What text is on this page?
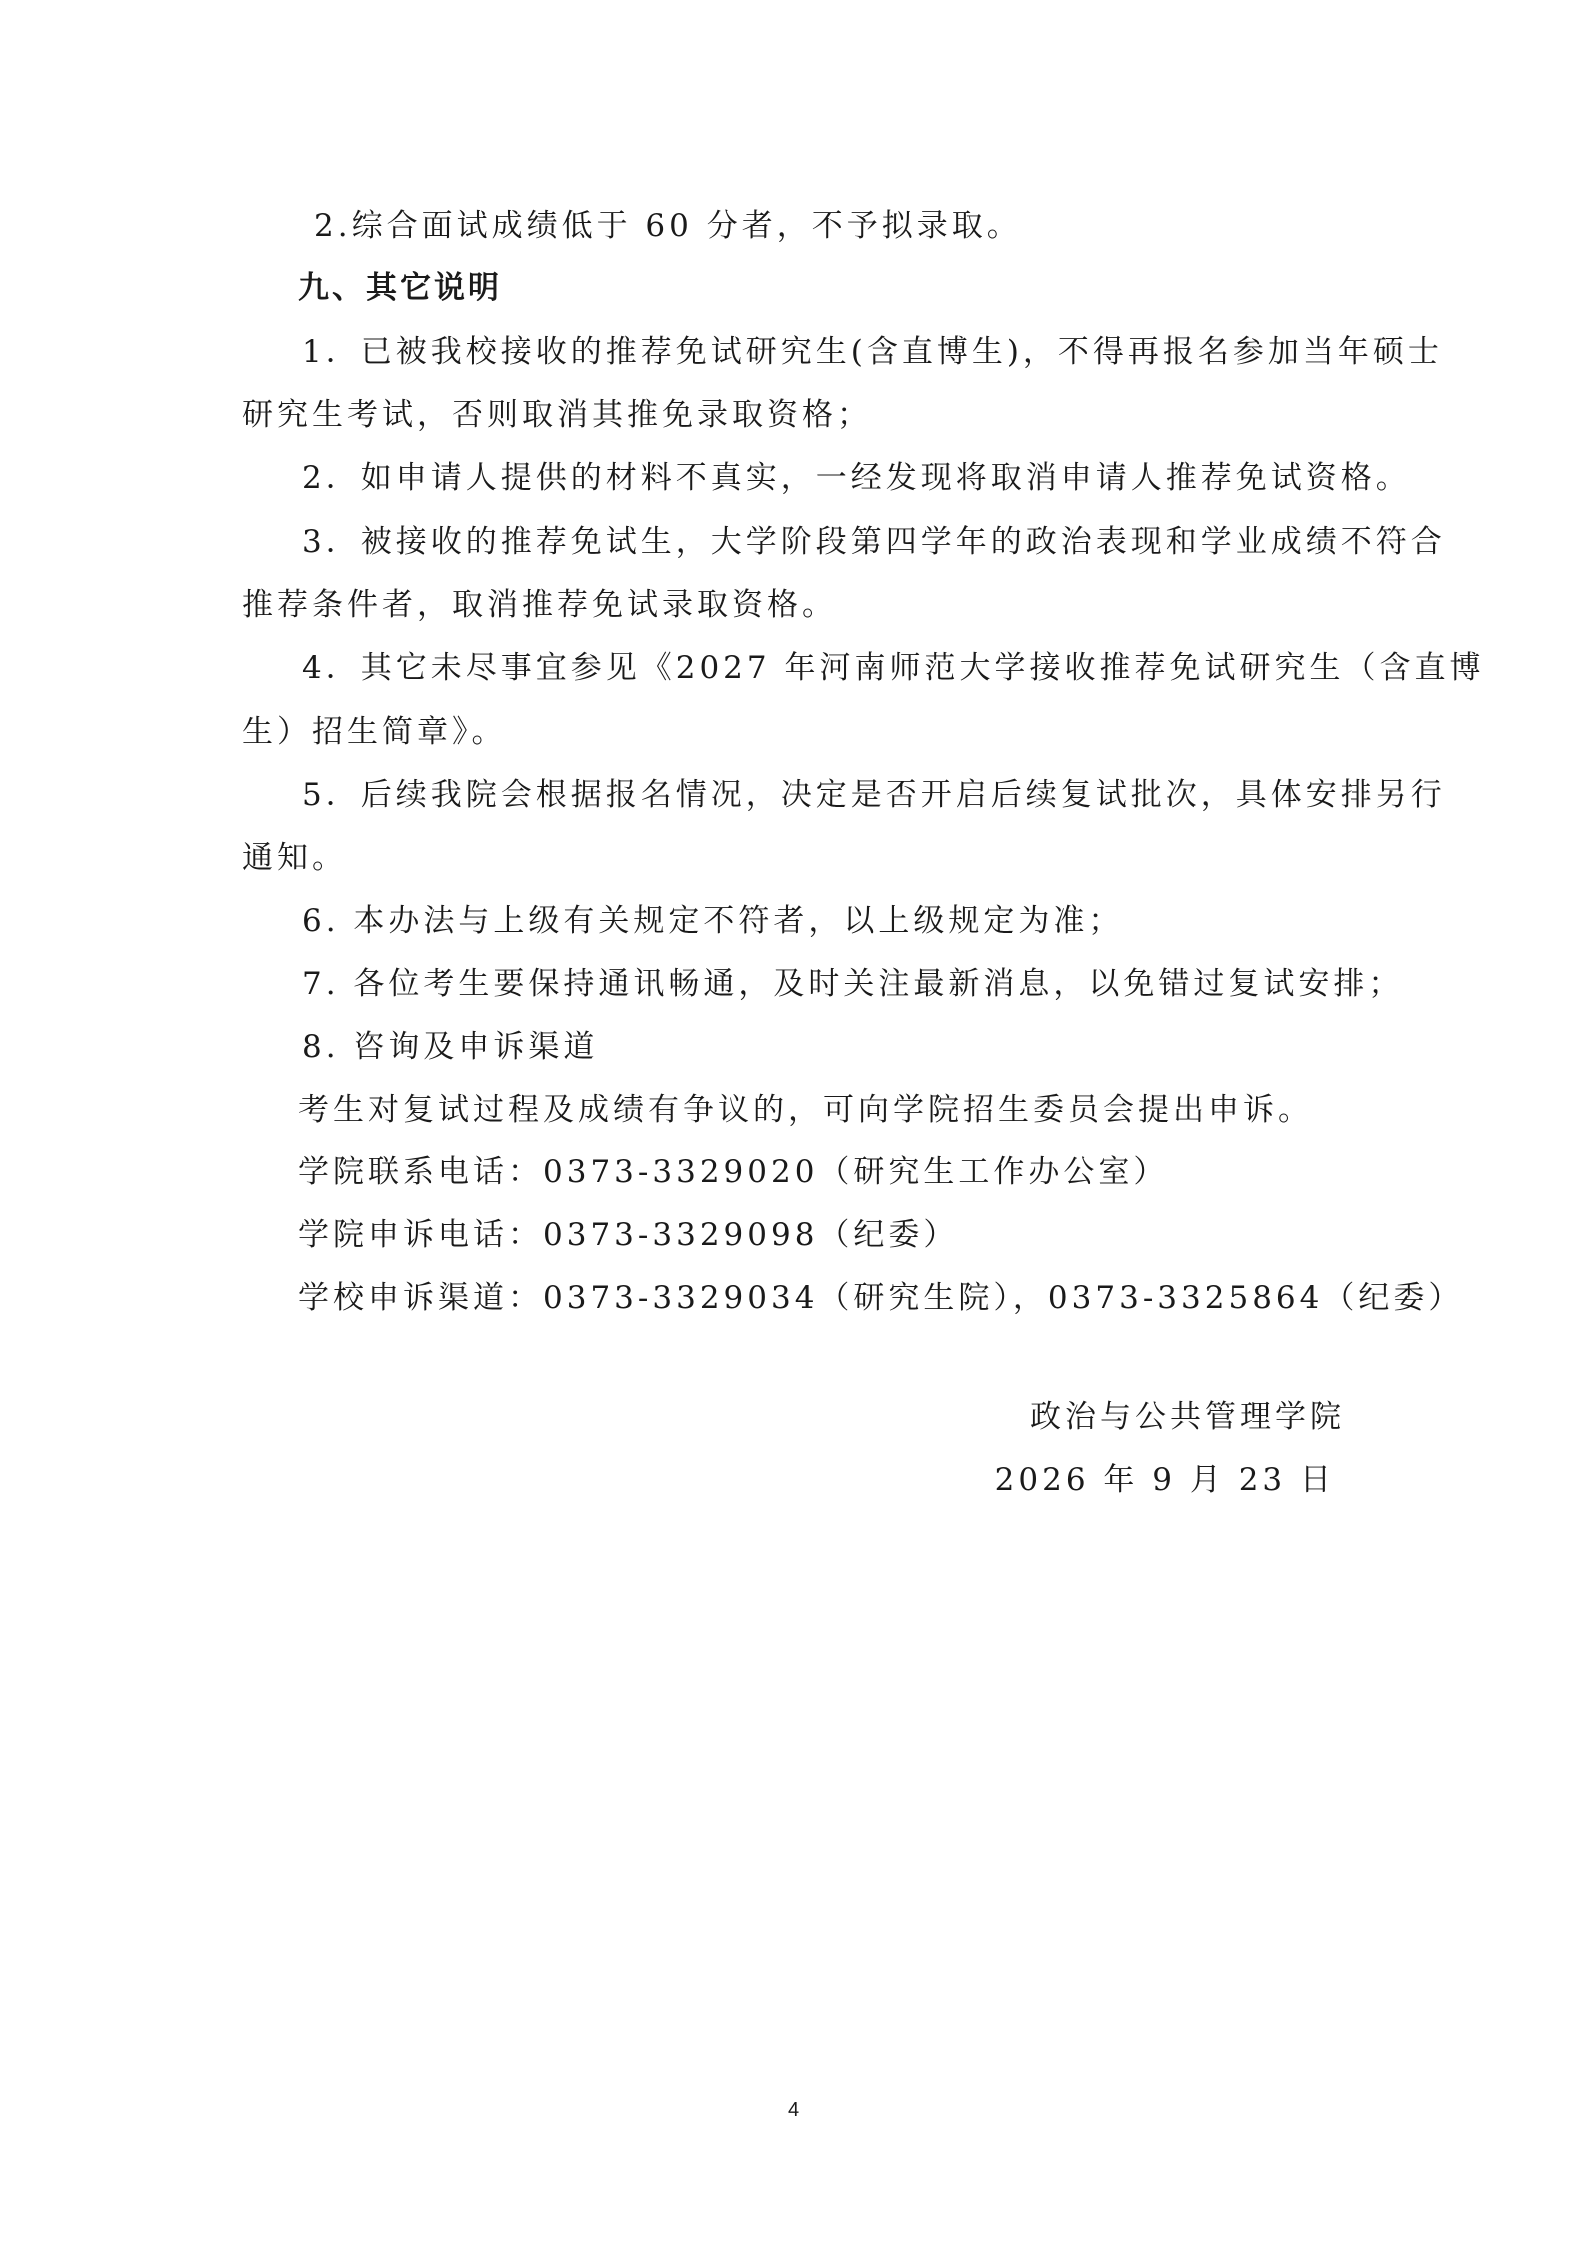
2.综合面试成绩低于 60 分者，不予拟录取。
九、其它说明
1．已被我校接收的推荐免试研究生(含直博生)，不得再报名参加当年硕士
研究生考试，否则取消其推免录取资格；
2．如申请人提供的材料不真实，一经发现将取消申请人推荐免试资格。
3．被接收的推荐免试生，大学阶段第四学年的政治表现和学业成绩不符合
推荐条件者，取消推荐免试录取资格。
4．其它未尽事宜参见《2027 年河南师范大学接收推荐免试研究生（含直博
生）招生简章》。
5．后续我院会根据报名情况，决定是否开启后续复试批次，具体安排另行
通知。
6. 本办法与上级有关规定不符者，以上级规定为准；
7. 各位考生要保持通讯畅通，及时关注最新消息，以免错过复试安排；
8. 咨询及申诉渠道
考生对复试过程及成绩有争议的，可向学院招生委员会提出申诉。
学院联系电话：0373-3329020（研究生工作办公室）
学院申诉电话：0373-3329098（纪委）
学校申诉渠道：0373-3329034（研究生院），0373-3325864（纪委）
政治与公共管理学院
2026 年 9 月 23 日
4
